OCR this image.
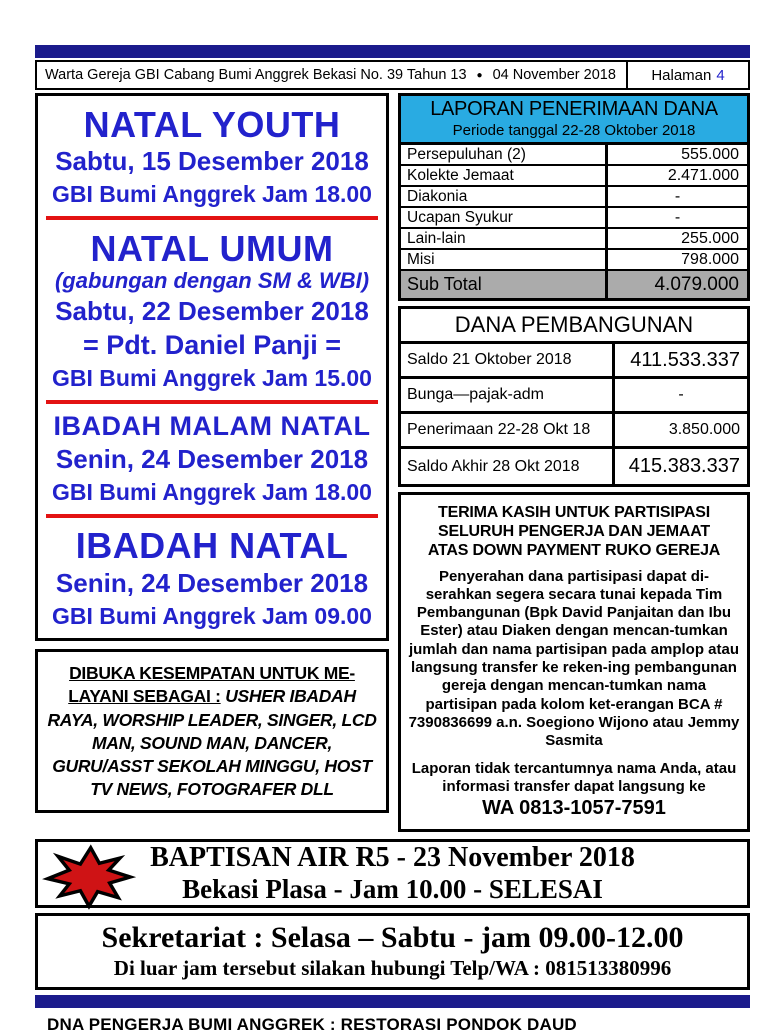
Warta Gereja GBI Cabang Bumi Anggrek Bekasi No. 39 Tahun 13 ● 04 November 2018 Halaman 4
NATAL YOUTH
Sabtu, 15 Desember 2018
GBI Bumi Anggrek Jam 18.00
NATAL UMUM
(gabungan dengan SM & WBI)
Sabtu, 22 Desember 2018
= Pdt. Daniel Panji =
GBI Bumi Anggrek Jam 15.00
IBADAH MALAM NATAL
Senin, 24 Desember 2018
GBI Bumi Anggrek Jam 18.00
IBADAH NATAL
Senin, 24 Desember 2018
GBI Bumi Anggrek Jam 09.00
DIBUKA KESEMPATAN UNTUK ME-LAYANI SEBAGAI : USHER IBADAH RAYA, WORSHIP LEADER, SINGER, LCD MAN, SOUND MAN, DANCER, GURU/ASST SEKOLAH MINGGU, HOST TV NEWS, FOTOGRAFER DLL
LAPORAN PENERIMAAN DANA
Periode tanggal 22-28 Oktober 2018
Persepuluhan (2)	555.000
Kolekte Jemaat	2.471.000
Diakonia	-
Ucapan Syukur	-
Lain-lain	255.000
Misi	798.000
Sub Total	4.079.000
DANA PEMBANGUNAN
Saldo 21 Oktober 2018	411.533.337
Bunga—pajak-adm	-
Penerimaan 22-28 Okt 18	3.850.000
Saldo Akhir 28 Okt 2018	415.383.337
TERIMA KASIH UNTUK PARTISIPASI
SELURUH PENGERJA DAN JEMAAT
ATAS DOWN PAYMENT RUKO GEREJA
Penyerahan dana partisipasi dapat di-serahkan segera secara tunai kepada Tim Pembangunan (Bpk David Panjaitan dan Ibu Ester) atau Diaken dengan mencan-tumkan jumlah dan nama partisipan pada amplop atau langsung transfer ke reken-ing pembangunan gereja dengan mencan-tumkan nama partisipan pada kolom ket-erangan BCA # 7390836699 a.n. Soegiono Wijono atau Jemmy Sasmita
Laporan tidak tercantumnya nama Anda, atau informasi transfer dapat langsung ke
WA 0813-1057-7591
BAPTISAN AIR R5 - 23 November 2018
Bekasi Plasa - Jam 10.00 - SELESAI
Sekretariat : Selasa – Sabtu - jam 09.00-12.00
Di luar jam tersebut silakan hubungi Telp/WA : 081513380996
DNA PENGERJA BUMI ANGGREK : RESTORASI PONDOK DAUD
